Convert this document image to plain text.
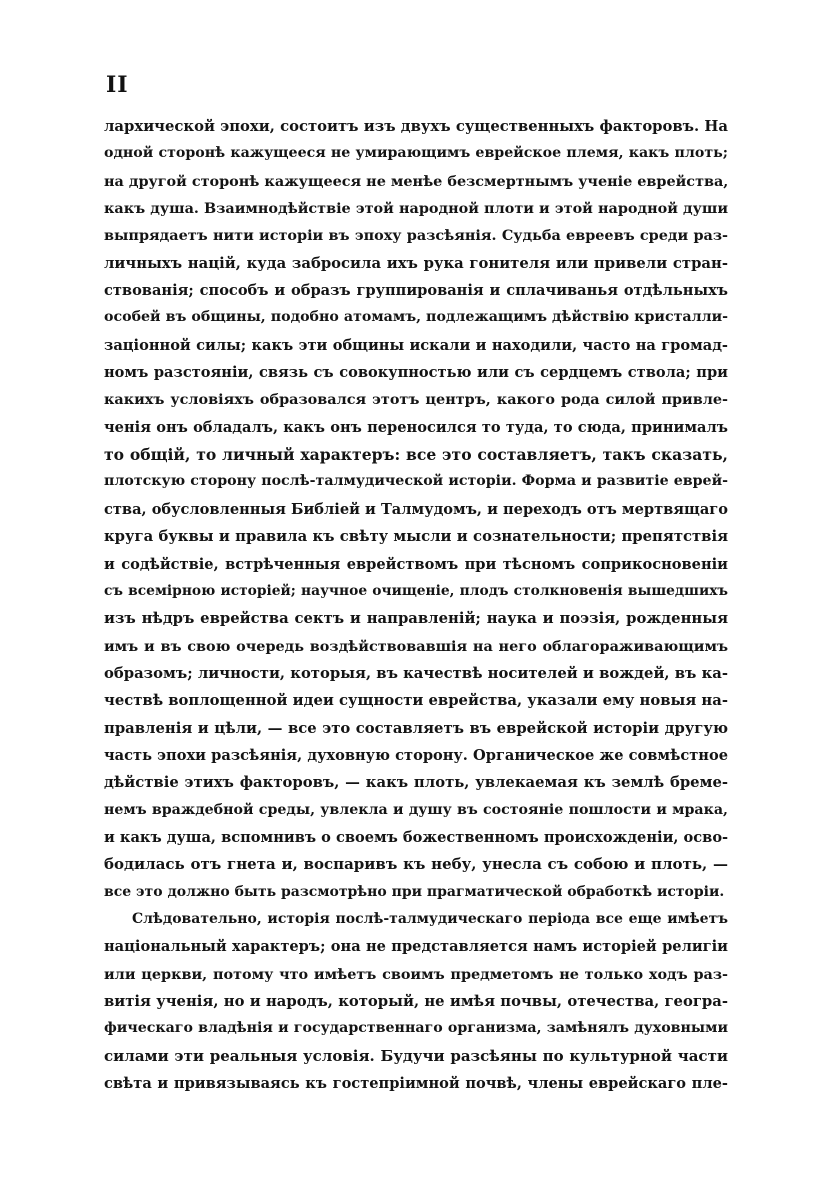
II
лархической эпохи, состоитъ изъ двухъ существенныхъ факторовъ. На
одной сторонѣ кажущееся не умирающимъ еврейское племя, какъ плоть;
на другой сторонѣ кажущееся не менѣе безсмертнымъ ученіе еврейства,
какъ душа. Взаимнодѣйствіе этой народной плоти и этой народной души
выпрядаетъ нити исторіи въ эпоху разсѣянія. Судьба евреевъ среди раз-
личныхъ націй, куда забросила ихъ рука гонителя или привели стран-
ствованія; способъ и образъ группированія и сплачиванья отдѣльныхъ
особей въ общины, подобно атомамъ, подлежащимъ дѣйствію кристалли-
заціонной силы; какъ эти общины искали и находили, часто на громад-
номъ разстояніи, связь съ совокупностью или съ сердцемъ ствола; при
какихъ условіяхъ образовался этотъ центръ, какого рода силой привле-
ченія онъ обладалъ, какъ онъ переносился то туда, то сюда, принималъ
то общій, то личный характеръ: все это составляетъ, такъ сказать,
плотскую сторону послѣ-талмудической исторіи. Форма и развитіе еврей-
ства, обусловленныя Библіей и Талмудомъ, и переходъ отъ мертвящаго
круга буквы и правила къ свѣту мысли и сознательности; препятствія
и содѣйствіе, встрѣченныя еврействомъ при тѣсномъ соприкосновеніи
съ всемірною исторіей; научное очищеніе, плодъ столкновенія вышедшихъ
изъ нѣдръ еврейства сектъ и направленій; наука и поэзія, рожденныя
имъ и въ свою очередь воздѣйствовавшія на него облагораживающимъ
образомъ; личности, которыя, въ качествѣ носителей и вождей, въ ка-
чествѣ воплощенной идеи сущности еврейства, указали ему новыя на-
правленія и цѣли, — все это составляетъ въ еврейской исторіи другую
часть эпохи разсѣянія, духовную сторону. Органическое же совмѣстное
дѣйствіе этихъ факторовъ, — какъ плоть, увлекаемая къ землѣ бреме-
немъ враждебной среды, увлекла и душу въ состояніе пошлости и мрака,
и какъ душа, вспомнивъ о своемъ божественномъ происхожденіи, осво-
бодилась отъ гнета и, воспаривъ къ небу, унесла съ собою и плоть, —
все это должно быть разсмотрѣно при прагматической обработкѣ исторіи.
Слѣдовательно, исторія послѣ-талмудическаго періода все еще имѣетъ
національный характеръ; она не представляется намъ исторіей религіи
или церкви, потому что имѣетъ своимъ предметомъ не только ходъ раз-
витія ученія, но и народъ, который, не имѣя почвы, отечества, геогра-
фическаго владѣнія и государственнаго организма, замѣнялъ духовными
силами эти реальныя условія. Будучи разсѣяны по культурной части
свѣта и привязываясь къ гостепріимной почвѣ, члены еврейскаго пле-
